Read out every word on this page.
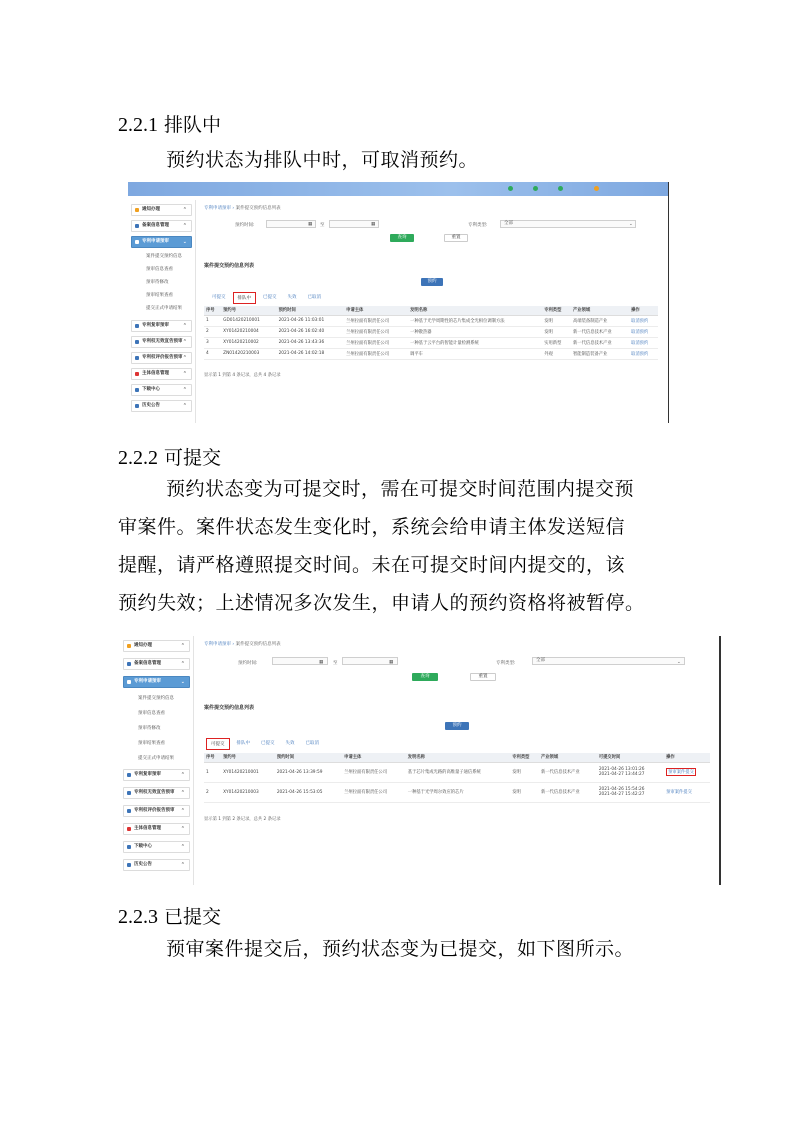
2.2.1 排队中
预约状态为排队中时，可取消预约。
通知办理	⌃
备案信息管理	⌃
专利申请预审	⌄
案件提交预约信息
预审信息查看
预审待修改
预审结果查看
提交正式申请结果
专利复审预审	⌃
专利权无效宣告预审 ⌃
专利权评价报告预审 ⌃
主体信息管理	⌃
下载中心	⌃
历史公告	⌃
专利申请预审 › 案件提交预约信息列表
预约时间:	▦ 至	▦	专利类型:	全部	⌄
查询	重置
案件提交预约信息列表
预约
可提交	排队中	已提交	失效	已取消
序号	预约号	预约时间	申请主体	发明名称	专利类型	产业领域	操作
1	GD01420210001	2021-04-26 11:03:01	兰州拉面有限责任公司	一种基于光学周期性的芯片集成全光相位调制方法	发明	高端装备制造产业	取消预约
2	XY01420210004	2021-04-26 16:02:40	兰州拉面有限责任公司	一种散热器	发明	新一代信息技术产业	取消预约
3	XY01420210002	2021-04-26 13:43:36	兰州拉面有限责任公司	一种基于云平台的智能计量检测系统	实用新型	新一代信息技术产业	取消预约
4	ZN01420210003	2021-04-26 14:02:18	兰州拉面有限责任公司	调平车	外观	智能制造装备产业	取消预约
显示第 1 到第 4 条记录，总共 4 条记录
2.2.2 可提交
预约状态变为可提交时，需在可提交时间范围内提交预
审案件。案件状态发生变化时，系统会给申请主体发送短信
提醒，请严格遵照提交时间。未在可提交时间内提交的，该
预约失效；上述情况多次发生，申请人的预约资格将被暂停。
通知办理	⌃
备案信息管理	⌃
专利申请预审	⌄
案件提交预约信息
预审信息查看
预审待修改
预审结果查看
提交正式申请结果
专利复审预审	⌃
专利权无效宣告预审 ⌃
专利权评价报告预审 ⌃
主体信息管理	⌃
下载中心	⌃
历史公告	⌃
专利申请预审 › 案件提交预约信息列表
预约时间:	▦ 至	▦	专利类型:
全部	⌄
查询	重置
案件提交预约信息列表
预约
可提交	排队中	已提交	失效	已取消
序号	预约号	预约时间	申请主体	发明名称	专利类型	产业领域	可提交时间	操作
1	XY01420210001	2021-04-26 13:39:59	兰州拉面有限责任公司	基于芯片集成光路的高维量子通信系统	发明	新一代信息技术产业	2021-04-26 13:01:26
2021-04-27 13:44:27	预审案件提交
2	XY01420210003	2021-04-26 15:53:05	兰州拉面有限责任公司	一种基于光学周尔效应的芯片	发明	新一代信息技术产业	2021-04-26 15:54:26
2021-04-27 15:42:27	预审案件提交
显示第 1 到第 2 条记录，总共 2 条记录
2.2.3 已提交
预审案件提交后，预约状态变为已提交，如下图所示。
